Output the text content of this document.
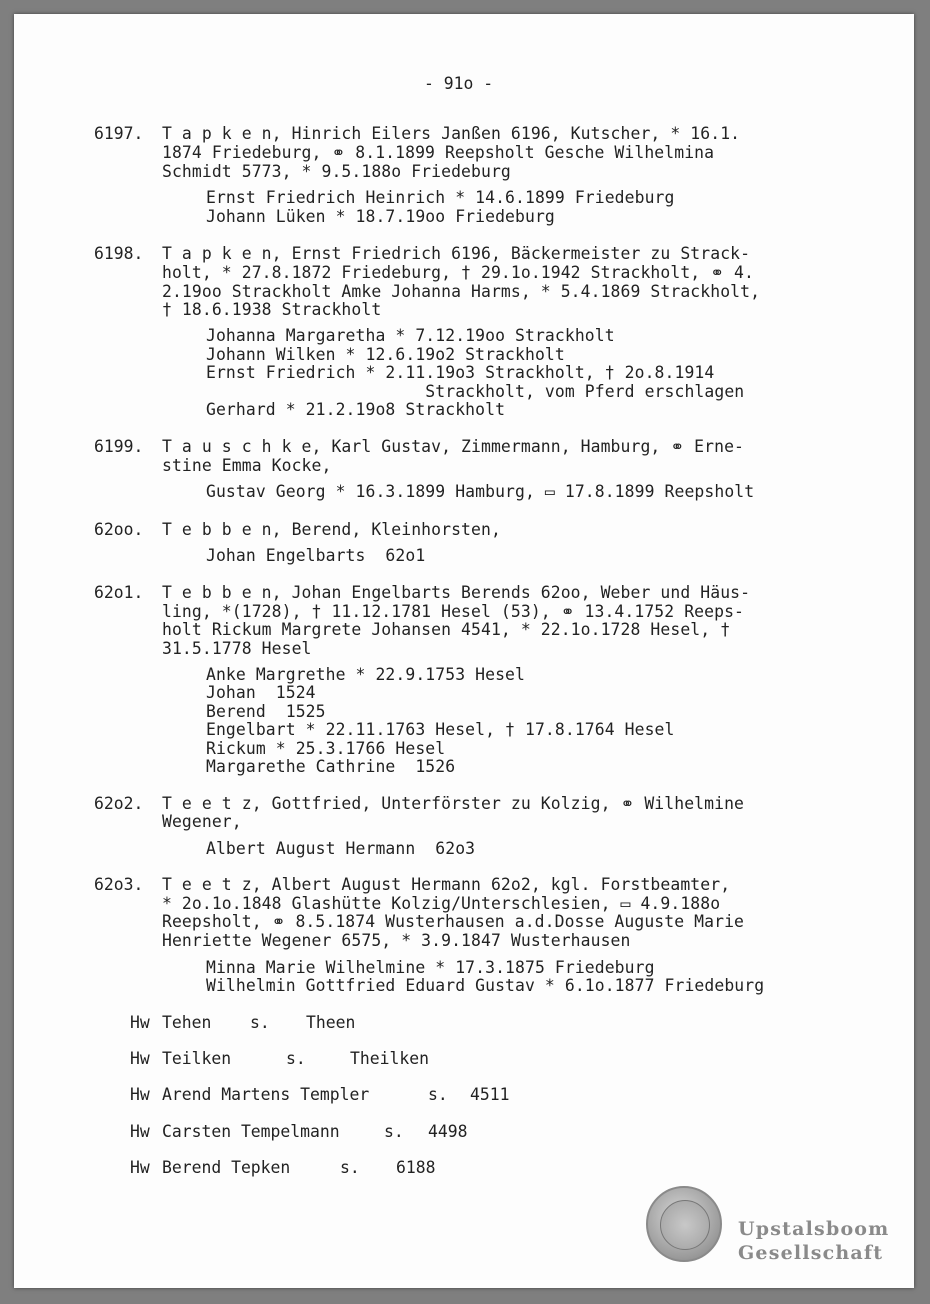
- 91o -
6197. T a p k e n, Hinrich Eilers Janßen 6196, Kutscher, * 16.1.
1874 Friedeburg, ⚭ 8.1.1899 Reepsholt Gesche Wilhelmina
Schmidt 5773, * 9.5.188o Friedeburg
Ernst Friedrich Heinrich * 14.6.1899 Friedeburg
Johann Lüken * 18.7.19oo Friedeburg
6198. T a p k e n, Ernst Friedrich 6196, Bäckermeister zu Strack-
holt, * 27.8.1872 Friedeburg, † 29.1o.1942 Strackholt, ⚭ 4.
2.19oo Strackholt Amke Johanna Harms, * 5.4.1869 Strackholt,
† 18.6.1938 Strackholt
Johanna Margaretha * 7.12.19oo Strackholt
Johann Wilken * 12.6.19o2 Strackholt
Ernst Friedrich * 2.11.19o3 Strackholt, † 2o.8.1914
Strackholt, vom Pferd erschlagen
Gerhard * 21.2.19o8 Strackholt
6199. T a u s c h k e, Karl Gustav, Zimmermann, Hamburg, ⚭ Erne-
stine Emma Kocke,
Gustav Georg * 16.3.1899 Hamburg, ▭ 17.8.1899 Reepsholt
62oo. T e b b e n, Berend, Kleinhorsten,
Johan Engelbarts  62o1
62o1. T e b b e n, Johan Engelbarts Berends 62oo, Weber und Häus-
ling, *(1728), † 11.12.1781 Hesel (53), ⚭ 13.4.1752 Reeps-
holt Rickum Margrete Johansen 4541, * 22.1o.1728 Hesel, †
31.5.1778 Hesel
Anke Margrethe * 22.9.1753 Hesel
Johan  1524
Berend  1525
Engelbart * 22.11.1763 Hesel, † 17.8.1764 Hesel
Rickum * 25.3.1766 Hesel
Margarethe Cathrine  1526
62o2. T e e t z, Gottfried, Unterförster zu Kolzig, ⚭ Wilhelmine
Wegener,
Albert August Hermann  62o3
62o3. T e e t z, Albert August Hermann 62o2, kgl. Forstbeamter,
* 2o.1o.1848 Glashütte Kolzig/Unterschlesien, ▭ 4.9.188o
Reepsholt, ⚭ 8.5.1874 Wusterhausen a.d.Dosse Auguste Marie
Henriette Wegener 6575, * 3.9.1847 Wusterhausen
Minna Marie Wilhelmine * 17.3.1875 Friedeburg
Wilhelmin Gottfried Eduard Gustav * 6.1o.1877 Friedeburg
Hw Tehen s. Theen
Hw Teilken	s.	Theilken
Hw Arend Martens Templer	s. 4511
Hw Carsten Tempelmann	s. 4498
Hw Berend Tepken	s. 6188
Upstalsboom
Gesellschaft
